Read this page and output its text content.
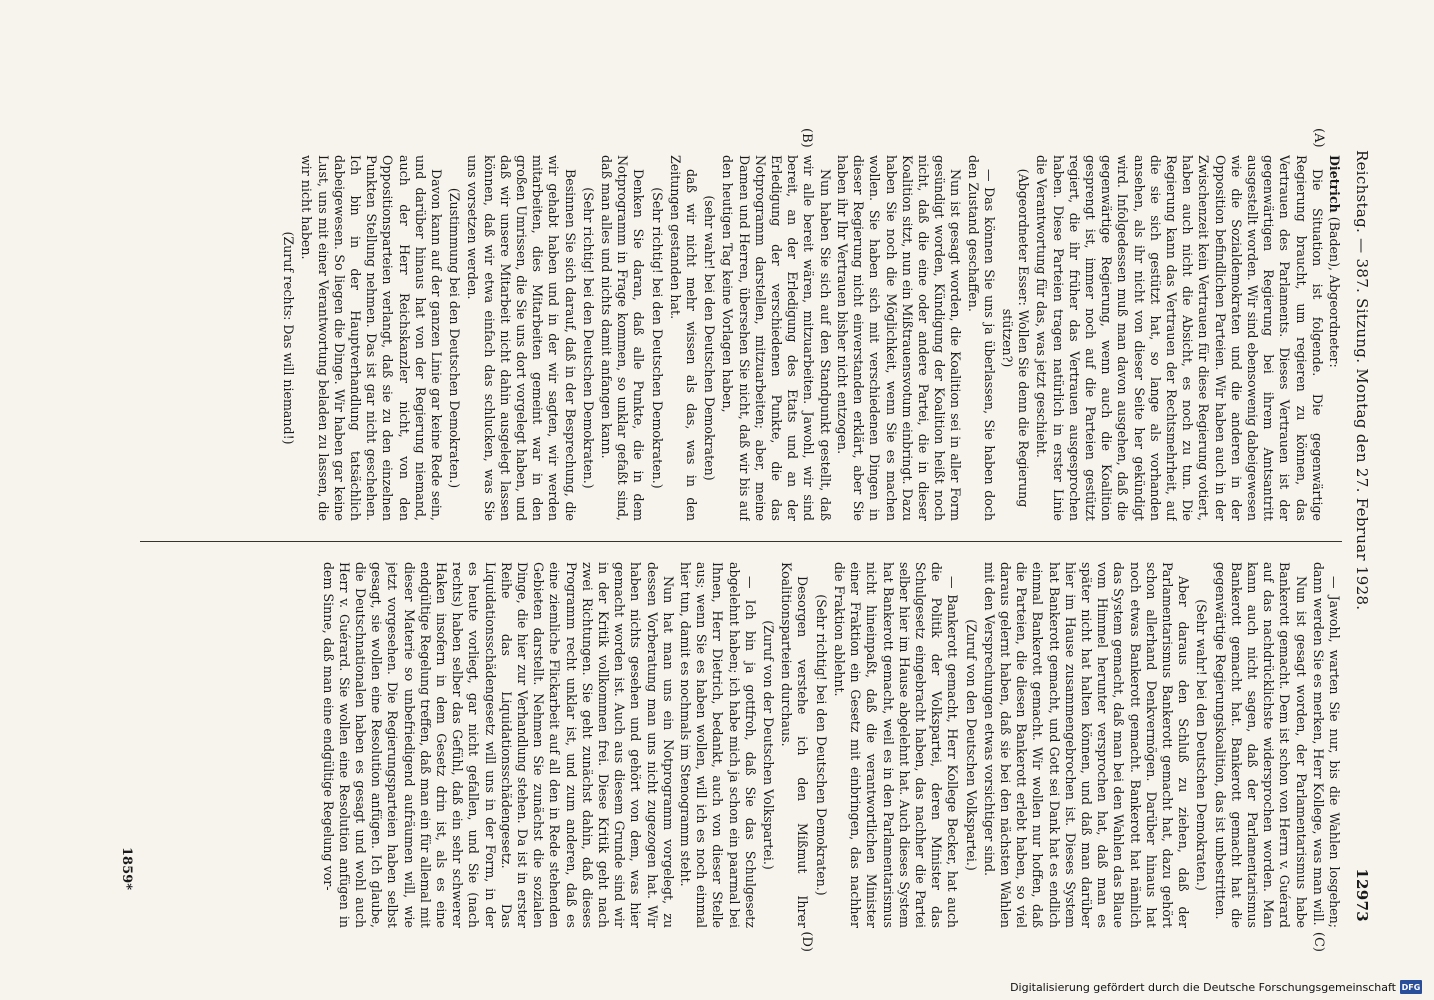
Reichstag. — 387. Sitzung. Montag den 27. Februar 1928.
12973
(A)
(B)
(C)
(D)

Dietrich (Baden), Abgeordneter:

Die Situation ist folgende. Die gegenwärtige Regierung braucht, um regieren zu können, das Vertrauen des Parlaments. Dieses Vertrauen ist der gegenwärtigen Regierung bei ihrem Amtsantritt ausgestellt worden. Wir sind ebensowenig dabeigewesen wie die Sozialdemokraten und die anderen in der Opposition befindlichen Parteien. Wir haben auch in der Zwischenzeit kein Vertrauen für diese Regierung votiert, haben auch nicht die Absicht, es noch zu tun. Die Regierung kann das Vertrauen der Rechtsmehrheit, auf die sie sich gestützt hat, so lange als vorhanden ansehen, als ihr nicht von dieser Seite her gekündigt wird. Infolgedessen muß man davon ausgehen, daß die gegenwärtige Regierung, wenn auch die Koalition gesprengt ist, immer noch auf die Parteien gestützt regiert, die ihr früher das Vertrauen ausgesprochen haben. Diese Parteien tragen natürlich in erster Linie die Verantwortung für das, was jetzt geschieht.

(Abgeordneter Esser: Wollen Sie denn die Regierung stützen?)

— Das können Sie uns ja überlassen, Sie haben doch den Zustand geschaffen.

Nun ist gesagt worden, die Koalition sei in aller Form gesündigt worden, Kündigung der Koalition heißt noch nicht, daß die eine oder andere Partei, die in dieser Koalition sitzt, nun ein Mißtrauensvotum einbringt. Dazu haben Sie noch die Möglichkeit, wenn Sie es machen wollen. Sie haben sich mit verschiedenen Dingen in dieser Regierung nicht einverstanden erklärt, aber Sie haben ihr Ihr Vertrauen bisher nicht entzogen.

Nun haben Sie sich auf den Standpunkt gestellt, daß wir alle bereit wären, mitzuarbeiten. Jawohl, wir sind bereit, an der Erledigung des Etats und an der Erledigung der verschiedenen Punkte, die das Notprogramm darstellen, mitzuarbeiten; aber, meine Damen und Herren, übersehen Sie nicht, daß wir bis auf den heutigen Tag keine Vorlagen haben,

(sehr wahr! bei den Deutschen Demokraten)

daß wir nicht mehr wissen als das, was in den Zeitungen gestanden hat.

(Sehr richtig! bei den Deutschen Demokraten.)

Denken Sie daran, daß alle Punkte, die in dem Notprogramm in Frage kommen, so unklar gefaßt sind, daß man alles und nichts damit anfangen kann.

(Sehr richtig! bei den Deutschen Demokraten.)

Besinnen Sie sich darauf, daß in der Besprechung, die wir gehabt haben und in der wir sagten, wir werden mitarbeiten, dies Mitarbeiten gemeint war in den großen Umrissen, die Sie uns dort vorgelegt haben, und daß wir unsere Mitarbeit nicht dahin ausgelegt lassen können, daß wir etwa einfach das schlucken, was Sie uns vorsetzen werden.

(Zustimmung bei den Deutschen Demokraten.)

Davon kann auf der ganzen Linie gar keine Rede sein, und darüber hinaus hat von der Regierung niemand, auch der Herr Reichskanzler nicht, von den Oppositionsparteien verlangt, daß sie zu den einzelnen Punkten Stellung nehmen. Das ist gar nicht geschehen. Ich bin in der Hauptverhandlung tatsächlich dabeigewesen. So liegen die Dinge. Wir haben gar keine Lust, uns mit einer Verantwortung beladen zu lassen, die wir nicht haben.

(Zuruf rechts: Das will niemand!)

— Jawohl, warten Sie nur, bis die Wahlen losgehen; dann werden Sie es merken, Herr Kollege, was man will.

Nun ist gesagt worden, der Parlamentarismus habe Bankerott gemacht. Dem ist schon von Herrn v. Guérard auf das nachdrücklichste widersprochen worden. Man kann auch nicht sagen, daß der Parlamentarismus Bankerott gemacht hat. Bankerott gemacht hat die gegenwärtige Regierungskoalition, das ist unbestritten.

(Sehr wahr! bei den Deutschen Demokraten.)

Aber daraus den Schluß zu ziehen, daß der Parlamentarismus Bankerott gemacht hat, dazu gehört schon allerhand Denkvermögen. Darüber hinaus hat noch etwas Bankerott gemacht. Bankerott hat nämlich das System gemacht, daß man bei den Wahlen das Blaue vom Himmel herunter versprochen hat, daß man es später nicht hat halten können, und daß man darüber hier im Hause zusammengebrochen ist. Dieses System hat Bankerott gemacht, und Gott sei Dank hat es endlich einmal Bankerott gemacht. Wir wollen nur hoffen, daß die Parteien, die diesen Bankerott erlebt haben, so viel daraus gelernt haben, daß sie bei den nächsten Wahlen mit den Versprechungen etwas vorsichtiger sind.

(Zuruf von den Deutschen Volkspartei.)

— Bankerott gemacht, Herr Kollege Becker, hat auch die Politik der Volkspartei, deren Minister das Schulgesetz eingebracht haben, das nachher die Partei selber hier im Hause abgelehnt hat. Auch dieses System hat Bankerott gemacht, weil es in den Parlamentarismus nicht hineinpaßt, daß die verantwortlichen Minister einer Fraktion ein Gesetz mit einbringen, das nachher die Fraktion ablehnt.

(Sehr richtig! bei den Deutschen Demokraten.)

Desorgen verstehe ich den Mißmut Ihrer Koalitionsparteien durchaus.

(Zuruf von der Deutschen Volkspartei.)

— Ich bin ja gottfroh, daß Sie das Schulgesetz abgelehnt haben; ich habe mich ja schon ein paarmal bei Ihnen, Herr Dietrich, bedankt, auch von dieser Stelle aus; wenn Sie es haben wollen, will ich es noch einmal hier tun, damit es nochmals im Stenogramm steht.

Nun hat man uns ein Notprogramm vorgelegt, zu dessen Vorberatung man uns nicht zugezogen hat. Wir haben nichts gesehen und gehört von dem, was hier gemacht worden ist. Auch aus diesem Grunde sind wir in der Kritik vollkommen frei. Diese Kritik geht nach zwei Richtungen. Sie geht zunächst dahin, daß dieses Programm recht unklar ist, und zum anderen, daß es eine ziemliche Flickarbeit auf all den in Rede stehenden Gebieten darstellt. Nehmen Sie zunächst die sozialen Dinge, die hier zur Verhandlung stehen. Da ist in erster Reihe das Liquidationsschädengesetz. Das Liquidationsschädengesetz will uns in der Form, in der es heute vorliegt, gar nicht gefallen, und Sie (nach rechts) haben selber das Gefühl, daß ein sehr schwerer Haken insofern in dem Gesetz drin ist, als es eine endgültige Regelung treffen, daß man ein für allemal mit dieser Materie so unbefriedigend aufräumen will, wie jetzt vorgesehen. Die Regierungsparteien haben selbst gesagt, sie wollen eine Resolution anfügen. Ich glaube, die Deutschnationalen haben es gesagt und wohl auch Herr v. Guérard. Sie wollen eine Resolution anfügen in dem Sinne, daß man eine endgültige Regelung vor-

1859*
Digitalisierung gefördert durch die Deutsche Forschungsgemeinschaft DFG
